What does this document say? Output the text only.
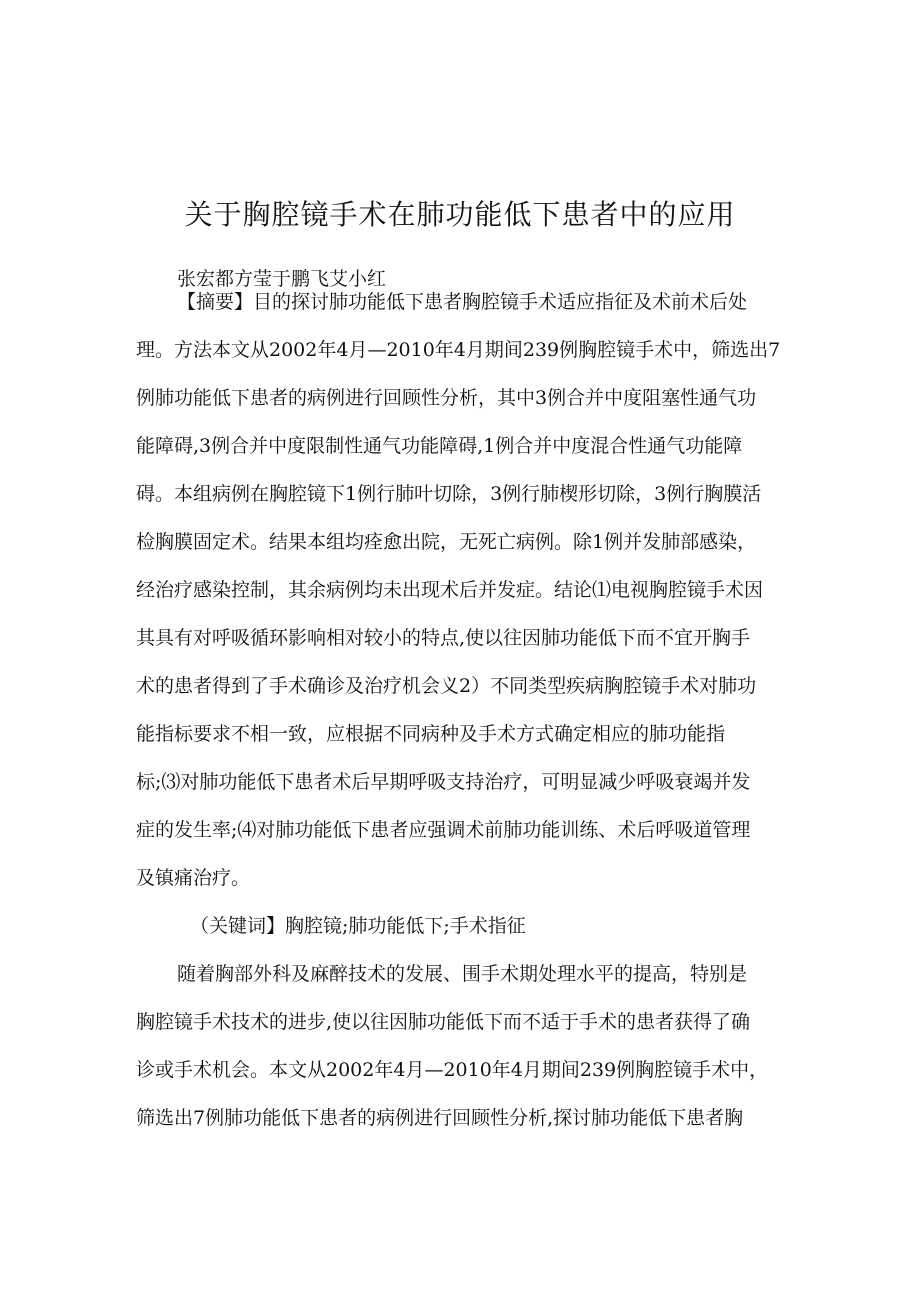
关于胸腔镜手术在肺功能低下患者中的应用
张宏都方莹于鹏飞艾小红
【摘要】目的探讨肺功能低下患者胸腔镜手术适应指征及术前术后处
理。方法本文从2002年4月—2010年4月期间239例胸腔镜手术中，筛选出7
例肺功能低下患者的病例进行回顾性分析，其中3例合并中度阻塞性通气功
能障碍,3例合并中度限制性通气功能障碍,1例合并中度混合性通气功能障
碍。本组病例在胸腔镜下1例行肺叶切除，3例行肺楔形切除，3例行胸膜活
检胸膜固定术。结果本组均痊愈出院，无死亡病例。除1例并发肺部感染，
经治疗感染控制，其余病例均未出现术后并发症。结论⑴电视胸腔镜手术因
其具有对呼吸循环影响相对较小的特点,使以往因肺功能低下而不宜开胸手
术的患者得到了手术确诊及治疗机会义2）不同类型疾病胸腔镜手术对肺功
能指标要求不相一致，应根据不同病种及手术方式确定相应的肺功能指
标;⑶对肺功能低下患者术后早期呼吸支持治疗，可明显减少呼吸衰竭并发
症的发生率;⑷对肺功能低下患者应强调术前肺功能训练、术后呼吸道管理
及镇痛治疗。
（关键词】胸腔镜;肺功能低下;手术指征
随着胸部外科及麻醉技术的发展、围手术期处理水平的提高，特别是
胸腔镜手术技术的进步,使以往因肺功能低下而不适于手术的患者获得了确
诊或手术机会。本文从2002年4月—2010年4月期间239例胸腔镜手术中，
筛选出7例肺功能低下患者的病例进行回顾性分析,探讨肺功能低下患者胸
